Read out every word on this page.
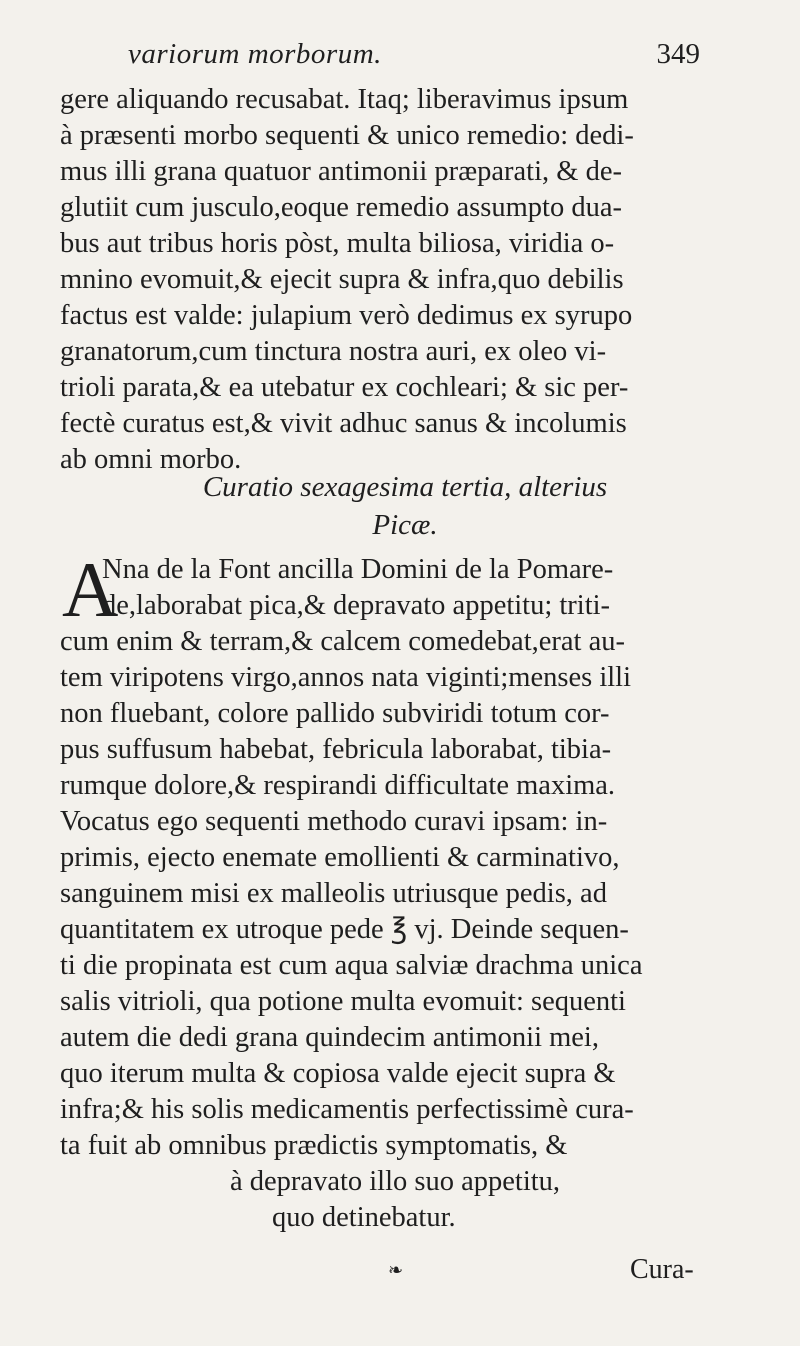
variorum morborum.	349
gere aliquando recusabat. Itaq; liberavimus ipsum
à præsenti morbo sequenti & unico remedio: dedi-
mus illi grana quatuor antimonii præparati, & de-
glutiit cum jusculo,eoque remedio assumpto dua-
bus aut tribus horis pòst, multa biliosa, viridia o-
mnino evomuit,& ejecit supra & infra,quo debilis
factus est valde: julapium verò dedimus ex syrupo
granatorum,cum tinctura nostra auri, ex oleo vi-
trioli parata,& ea utebatur ex cochleari; & sic per-
fectè curatus est,& vivit adhuc sanus & incolumis
ab omni morbo.
Curatio sexagesima tertia, alterius
Picæ.
A
Nna de la Font ancilla Domini de la Pomare-
de,laborabat pica,& depravato appetitu; triti-
cum enim & terram,& calcem comedebat,erat au-
tem viripotens virgo,annos nata viginti;menses illi
non fluebant, colore pallido subviridi totum cor-
pus suffusum habebat, febricula laborabat, tibia-
rumque dolore,& respirandi difficultate maxima.
Vocatus ego sequenti methodo curavi ipsam: in-
primis, ejecto enemate emollienti & carminativo,
sanguinem misi ex malleolis utriusque pedis, ad
quantitatem ex utroque pede ℥ vj. Deinde sequen-
ti die propinata est cum aqua salviæ drachma unica
salis vitrioli, qua potione multa evomuit: sequenti
autem die dedi grana quindecim antimonii mei,
quo iterum multa & copiosa valde ejecit supra &
infra;& his solis medicamentis perfectissimè cura-
ta fuit ab omnibus prædictis symptomatis, &
à depravato illo suo appetitu,
quo detinebatur.
❧	Cura-
